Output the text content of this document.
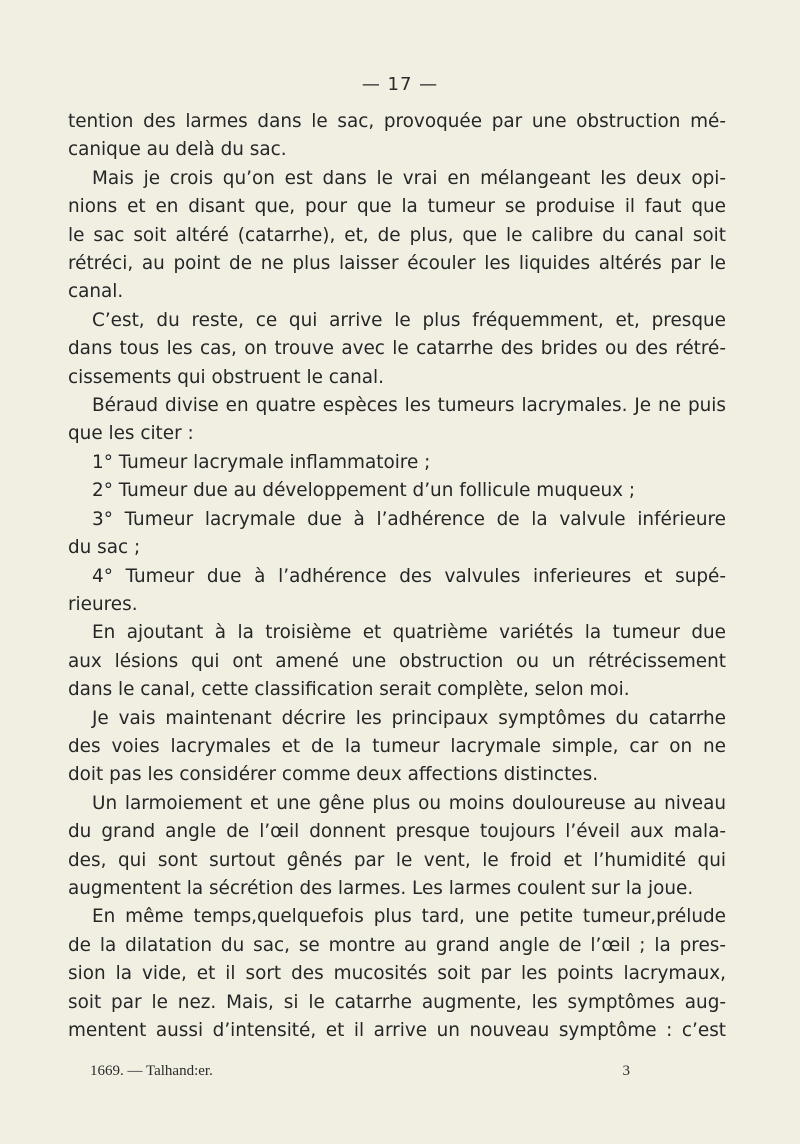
— 17 —
tention des larmes dans le sac, provoquée par une obstruction mé-
canique au delà du sac.
Mais je crois qu’on est dans le vrai en mélangeant les deux opi-
nions et en disant que, pour que la tumeur se produise il faut que
le sac soit altéré (catarrhe), et, de plus, que le calibre du canal soit
rétréci, au point de ne plus laisser écouler les liquides altérés par le
canal.
C’est, du reste, ce qui arrive le plus fréquemment, et, presque
dans tous les cas, on trouve avec le catarrhe des brides ou des rétré-
cissements qui obstruent le canal.
Béraud divise en quatre espèces les tumeurs lacrymales. Je ne puis
que les citer :
1° Tumeur lacrymale inflammatoire ;
2° Tumeur due au développement d’un follicule muqueux ;
3° Tumeur lacrymale due à l’adhérence de la valvule inférieure
du sac ;
4° Tumeur due à l’adhérence des valvules inferieures et supé-
rieures.
En ajoutant à la troisième et quatrième variétés la tumeur due
aux lésions qui ont amené une obstruction ou un rétrécissement
dans le canal, cette classification serait complète, selon moi.
Je vais maintenant décrire les principaux symptômes du catarrhe
des voies lacrymales et de la tumeur lacrymale simple, car on ne
doit pas les considérer comme deux affections distinctes.
Un larmoiement et une gêne plus ou moins douloureuse au niveau
du grand angle de l’œil donnent presque toujours l’éveil aux mala-
des, qui sont surtout gênés par le vent, le froid et l’humidité qui
augmentent la sécrétion des larmes. Les larmes coulent sur la joue.
En même temps,quelquefois plus tard, une petite tumeur,prélude
de la dilatation du sac, se montre au grand angle de l’œil ; la pres-
sion la vide, et il sort des mucosités soit par les points lacrymaux,
soit par le nez. Mais, si le catarrhe augmente, les symptômes aug-
mentent aussi d’intensité, et il arrive un nouveau symptôme : c’est
1669. — Talhand:er.	3
